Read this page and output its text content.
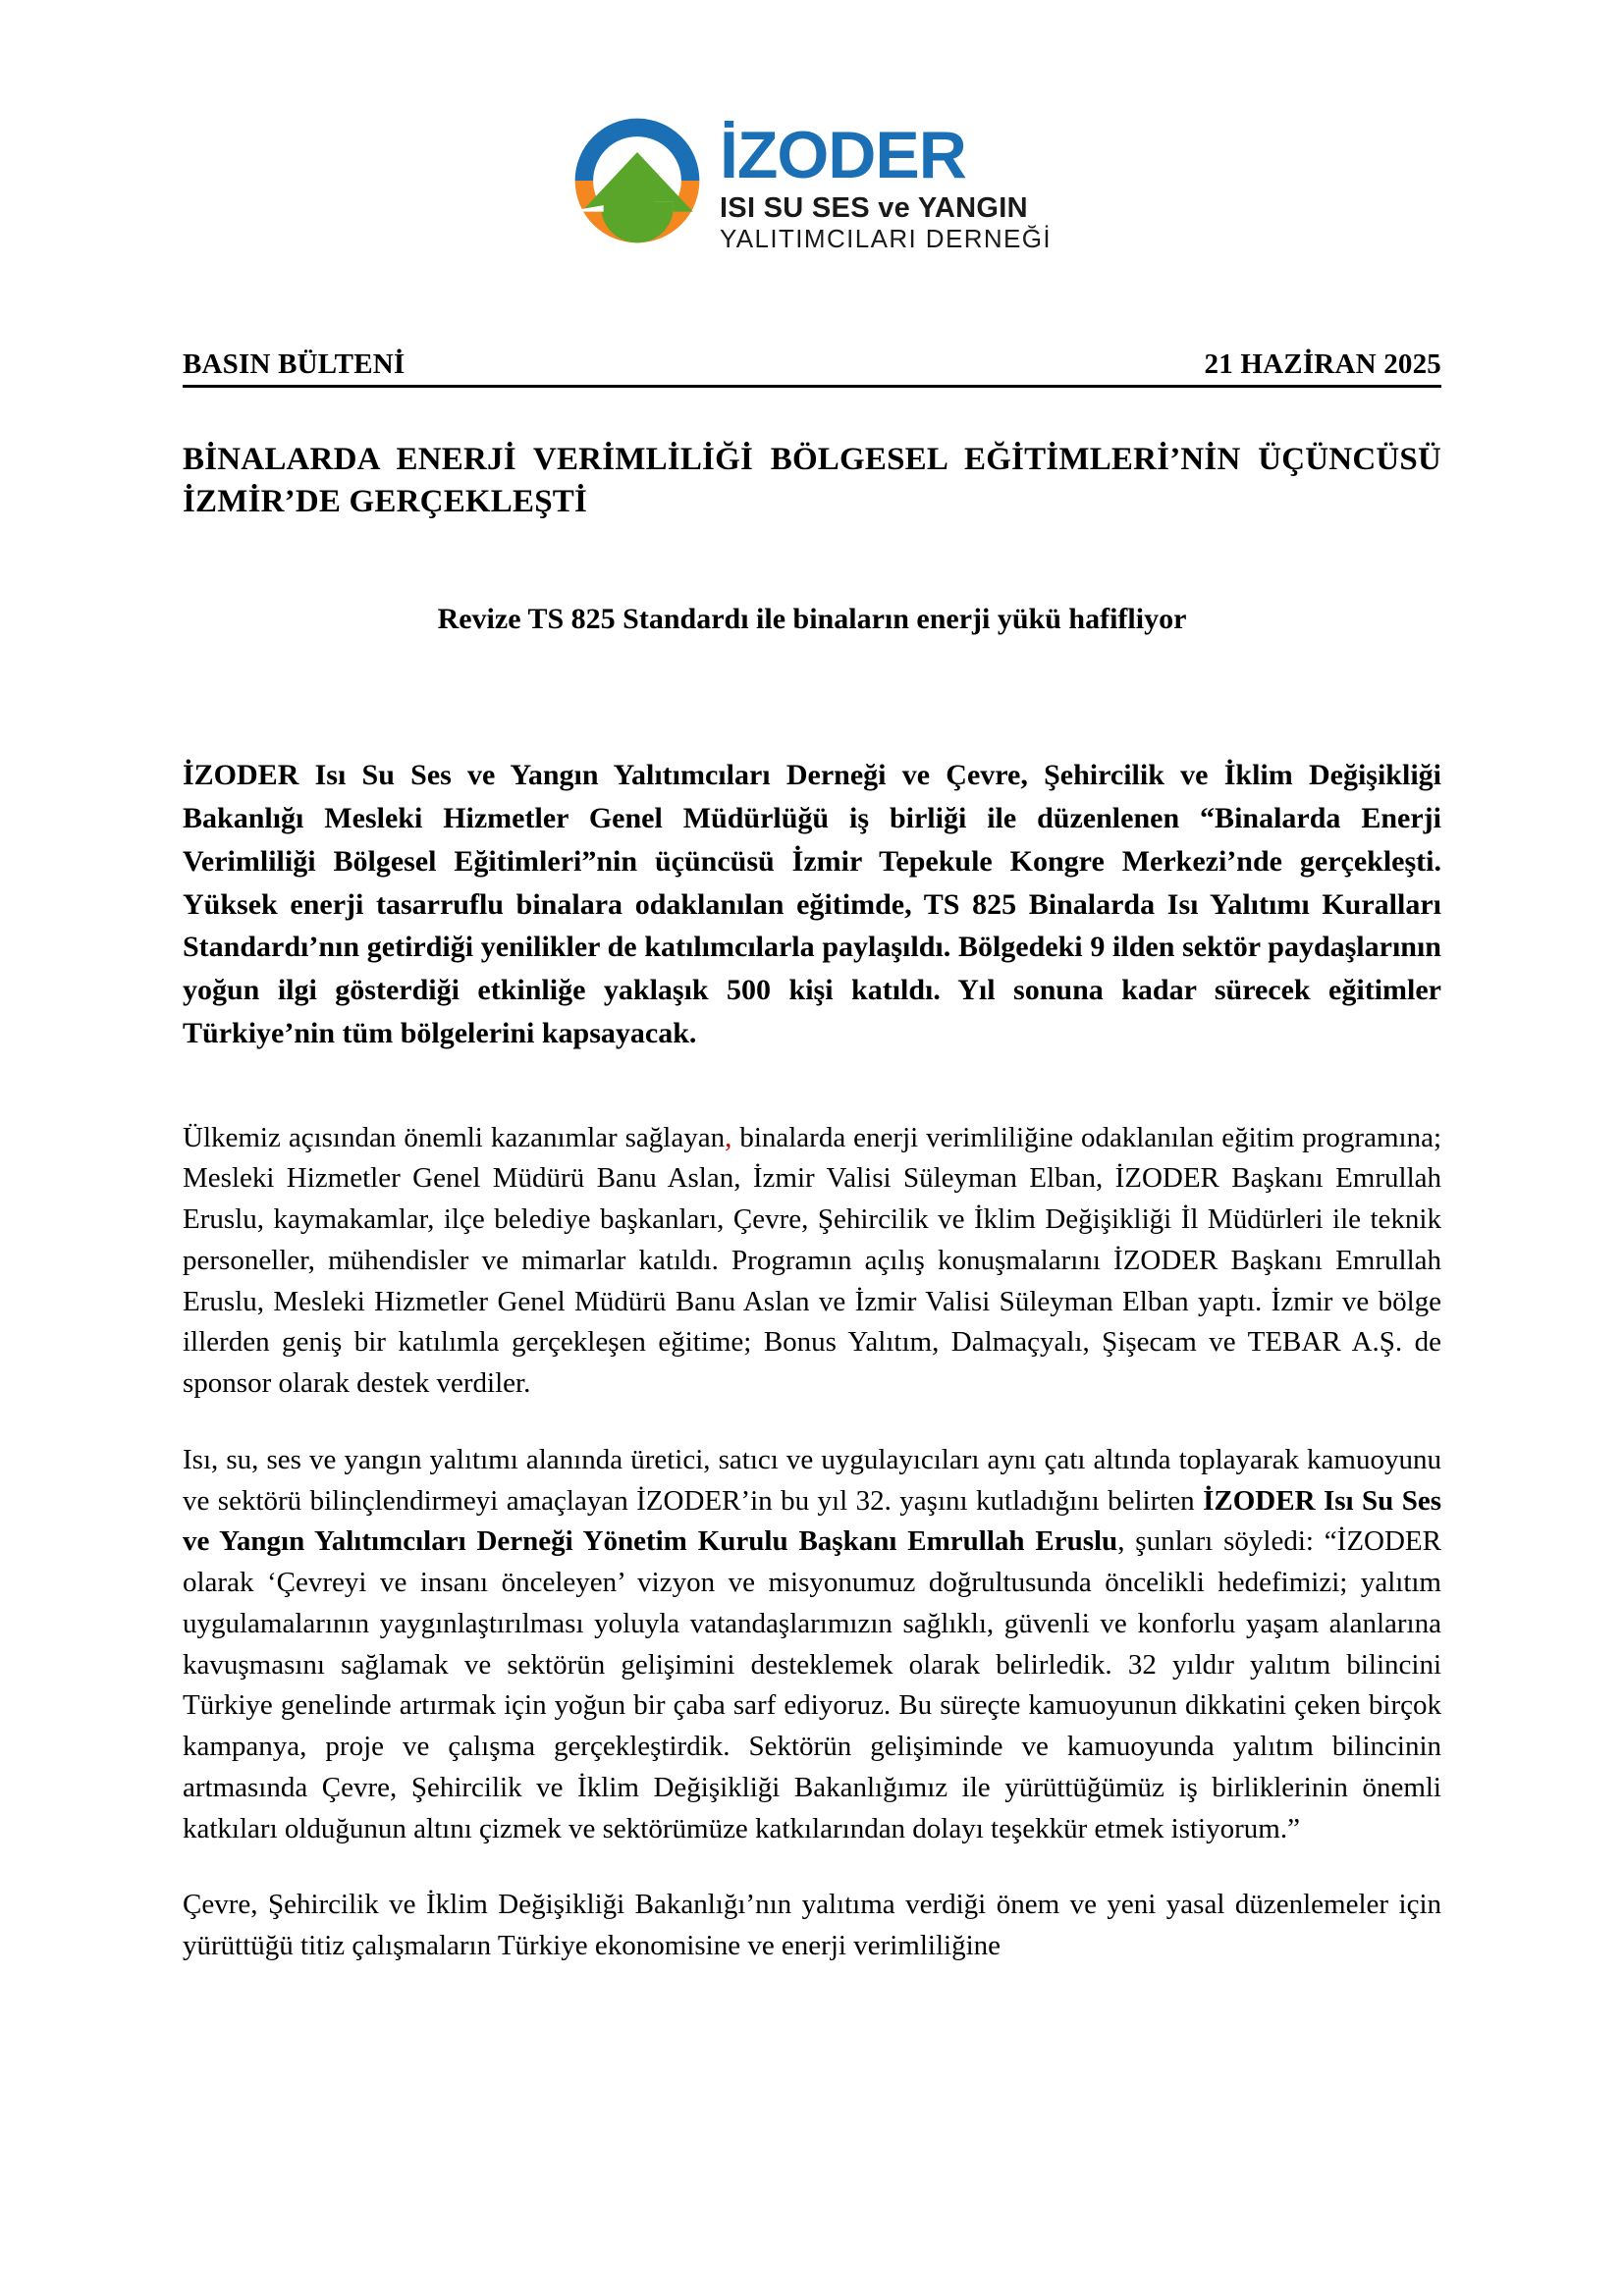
İZODER
ISI SU SES ve YANGIN
YALITIMCILARI DERNEĞİ
BASIN BÜLTENİ	21 HAZİRAN 2025
BİNALARDA ENERJİ VERİMLİLİĞİ BÖLGESEL EĞİTİMLERİ’NİN ÜÇÜNCÜSÜ İZMİR’DE GERÇEKLEŞTİ
Revize TS 825 Standardı ile binaların enerji yükü hafifliyor

İZODER Isı Su Ses ve Yangın Yalıtımcıları Derneği ve Çevre, Şehircilik ve İklim Değişikliği Bakanlığı Mesleki Hizmetler Genel Müdürlüğü iş birliği ile düzenlenen “Binalarda Enerji Verimliliği Bölgesel Eğitimleri”nin üçüncüsü İzmir Tepekule Kongre Merkezi’nde gerçekleşti. Yüksek enerji tasarruflu binalara odaklanılan eğitimde, TS 825 Binalarda Isı Yalıtımı Kuralları Standardı’nın getirdiği yenilikler de katılımcılarla paylaşıldı. Bölgedeki 9 ilden sektör paydaşlarının yoğun ilgi gösterdiği etkinliğe yaklaşık 500 kişi katıldı. Yıl sonuna kadar sürecek eğitimler Türkiye’nin tüm bölgelerini kapsayacak.

Ülkemiz açısından önemli kazanımlar sağlayan, binalarda enerji verimliliğine odaklanılan eğitim programına; Mesleki Hizmetler Genel Müdürü Banu Aslan, İzmir Valisi Süleyman Elban, İZODER Başkanı Emrullah Eruslu, kaymakamlar, ilçe belediye başkanları, Çevre, Şehircilik ve İklim Değişikliği İl Müdürleri ile teknik personeller, mühendisler ve mimarlar katıldı. Programın açılış konuşmalarını İZODER Başkanı Emrullah Eruslu, Mesleki Hizmetler Genel Müdürü Banu Aslan ve İzmir Valisi Süleyman Elban yaptı. İzmir ve bölge illerden geniş bir katılımla gerçekleşen eğitime; Bonus Yalıtım, Dalmaçyalı, Şişecam ve TEBAR A.Ş. de sponsor olarak destek verdiler.

Isı, su, ses ve yangın yalıtımı alanında üretici, satıcı ve uygulayıcıları aynı çatı altında toplayarak kamuoyunu ve sektörü bilinçlendirmeyi amaçlayan İZODER’in bu yıl 32. yaşını kutladığını belirten İZODER Isı Su Ses ve Yangın Yalıtımcıları Derneği Yönetim Kurulu Başkanı Emrullah Eruslu, şunları söyledi: “İZODER olarak ‘Çevreyi ve insanı önceleyen’ vizyon ve misyonumuz doğrultusunda öncelikli hedefimizi; yalıtım uygulamalarının yaygınlaştırılması yoluyla vatandaşlarımızın sağlıklı, güvenli ve konforlu yaşam alanlarına kavuşmasını sağlamak ve sektörün gelişimini desteklemek olarak belirledik. 32 yıldır yalıtım bilincini Türkiye genelinde artırmak için yoğun bir çaba sarf ediyoruz. Bu süreçte kamuoyunun dikkatini çeken birçok kampanya, proje ve çalışma gerçekleştirdik. Sektörün gelişiminde ve kamuoyunda yalıtım bilincinin artmasında Çevre, Şehircilik ve İklim Değişikliği Bakanlığımız ile yürüttüğümüz iş birliklerinin önemli katkıları olduğunun altını çizmek ve sektörümüze katkılarından dolayı teşekkür etmek istiyorum.”

Çevre, Şehircilik ve İklim Değişikliği Bakanlığı’nın yalıtıma verdiği önem ve yeni yasal düzenlemeler için yürüttüğü titiz çalışmaların Türkiye ekonomisine ve enerji verimliliğine
